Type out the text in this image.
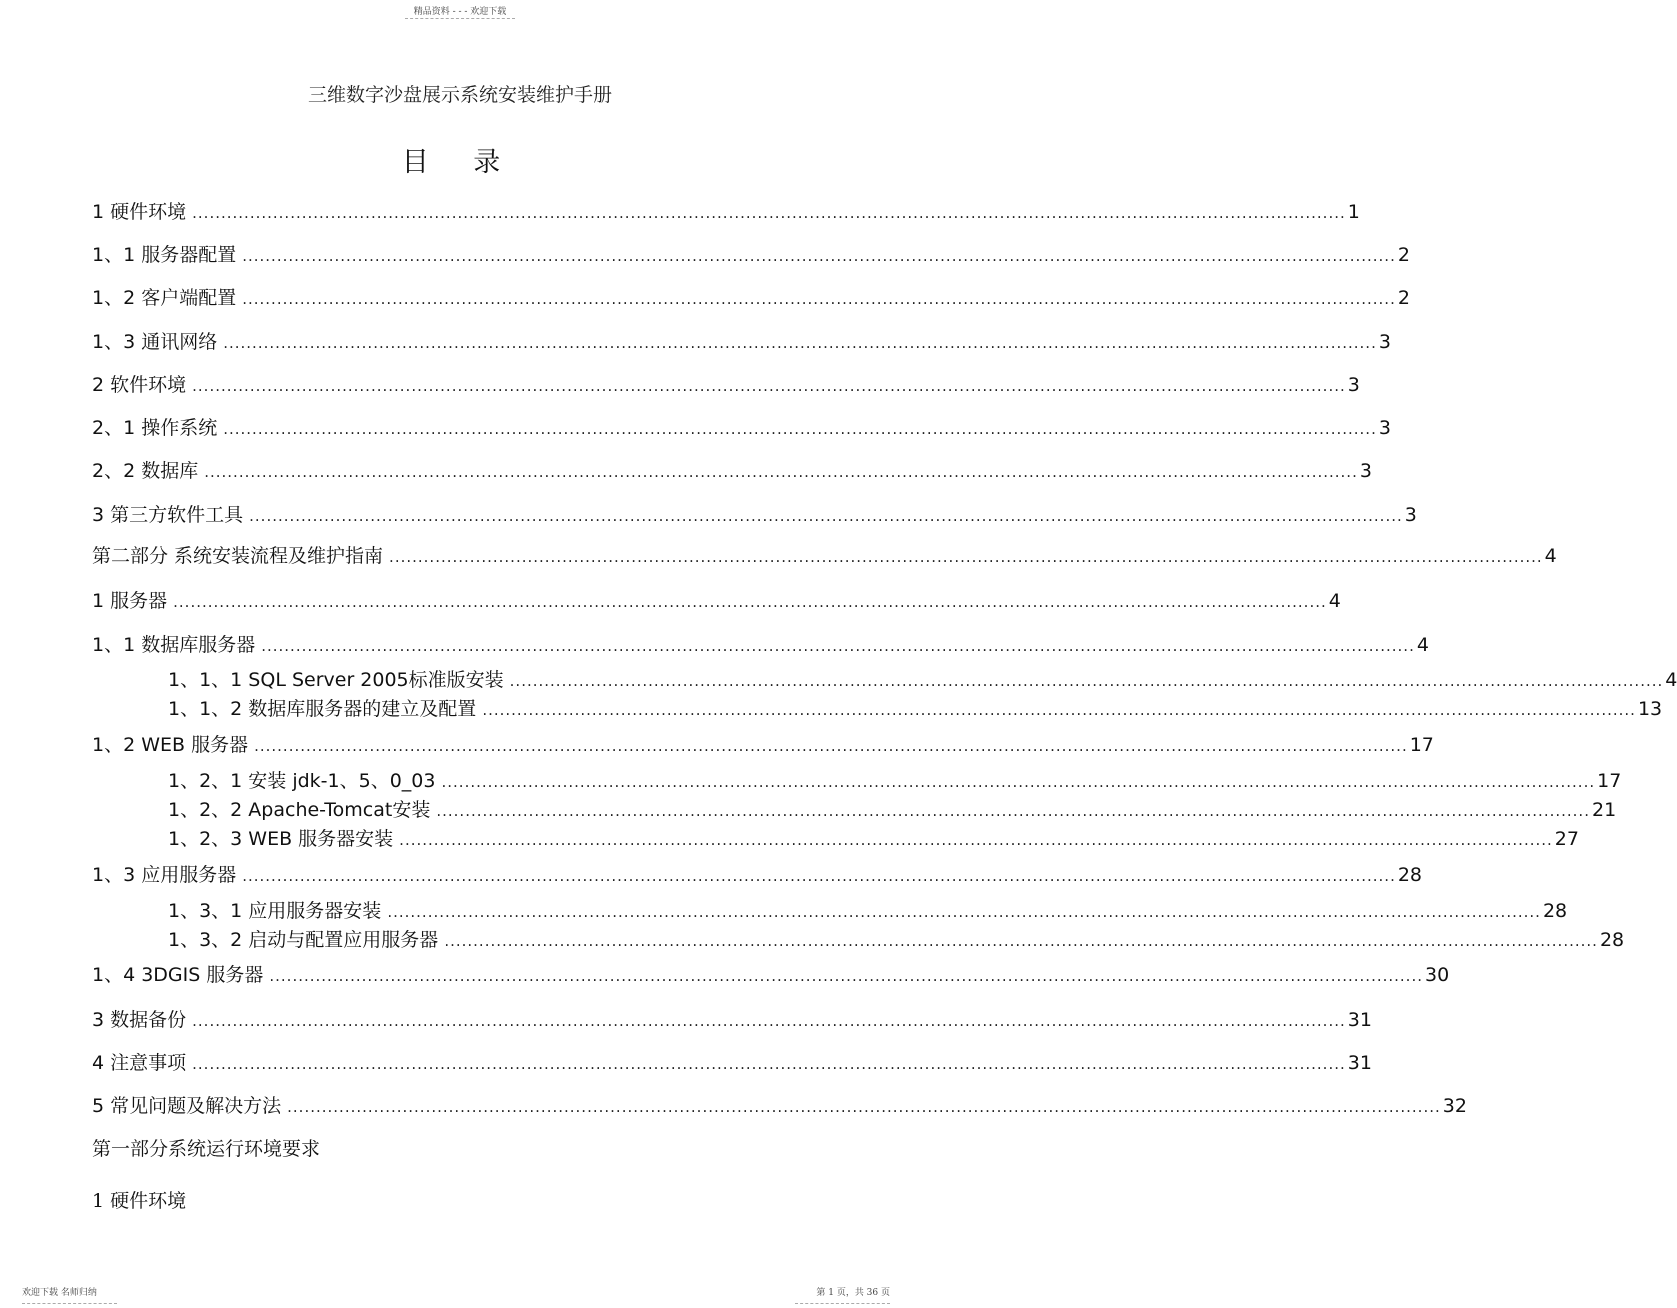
精品资料 - - - 欢迎下载
三维数字沙盘展示系统安装维护手册
目 录
1 硬件环境 ........................................................................................................................................................................................................ 1
1、1 服务器配置 ........................................................................................................................................................................................................ 2
1、2 客户端配置 ........................................................................................................................................................................................................ 2
1、3 通讯网络 ........................................................................................................................................................................................................ 3
2 软件环境 ........................................................................................................................................................................................................ 3
2、1 操作系统 ........................................................................................................................................................................................................ 3
2、2 数据库 ........................................................................................................................................................................................................ 3
3 第三方软件工具 ........................................................................................................................................................................................................ 3
第二部分 系统安装流程及维护指南 ........................................................................................................................................................................................................ 4
1 服务器 ........................................................................................................................................................................................................ 4
1、1 数据库服务器 ........................................................................................................................................................................................................ 4
1、1、1 SQL Server 2005标准版安装 ........................................................................................................................................................................................................ 4
1、1、2 数据库服务器的建立及配置 ........................................................................................................................................................................................................ 13
1、2 WEB 服务器 ........................................................................................................................................................................................................ 17
1、2、1 安装 jdk-1、5、0_03 ........................................................................................................................................................................................................ 17
1、2、2 Apache-Tomcat安装 ........................................................................................................................................................................................................ 21
1、2、3 WEB 服务器安装 ........................................................................................................................................................................................................ 27
1、3 应用服务器 ........................................................................................................................................................................................................ 28
1、3、1 应用服务器安装 ........................................................................................................................................................................................................ 28
1、3、2 启动与配置应用服务器 ........................................................................................................................................................................................................ 28
1、4 3DGIS 服务器 ........................................................................................................................................................................................................ 30
3 数据备份 ........................................................................................................................................................................................................ 31
4 注意事项 ........................................................................................................................................................................................................ 31
5 常见问题及解决方法 ........................................................................................................................................................................................................ 32
第一部分系统运行环境要求
1 硬件环境
欢迎下载 名师归纳	第 1 页，共 36 页
